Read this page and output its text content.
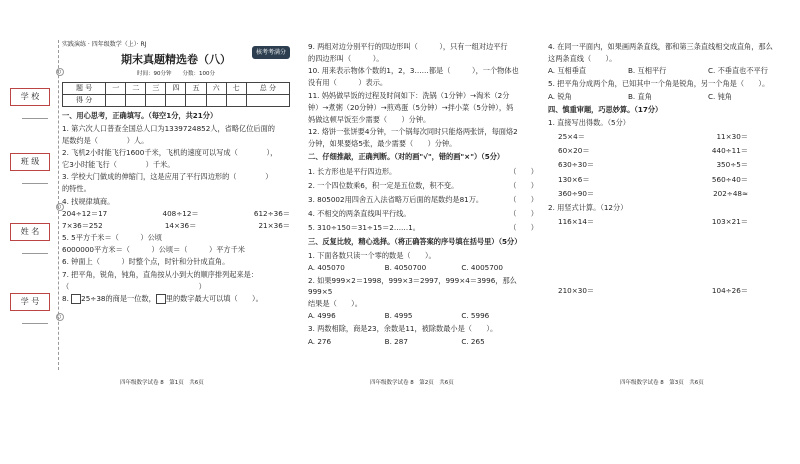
学 校
班 级
姓 名
学 号
○
○
○
实践演练 · 四年级数学（上）· RJ
期末真题精选卷（八）
核考考满分
时间：90分钟　　分数：100分
题 号	一	二	三	四	五	六	七	总 分
得 分								
一、用心思考，正确填写。（每空1分，共21分）
1. 第六次人口普查全国总人口为1339724852人，省略亿位后面的
尾数约是（　　　　）人。
2. 飞机2小时能飞行1600千米，飞机的速度可以写成（　　　　），
它3小时能飞行（　　　　）千米。
3. 学校大门做成的伸缩门，这是应用了平行四边形的（　　　　）
的特性。
4. 找规律填商。
204÷12＝17	408÷12＝	612÷36＝
7×36＝252	14×36＝	21×36＝
5. 5平方千米＝（　　　）公顷
6000000平方米＝（　　　）公顷＝（　　　）平方千米
6. 钟面上（　　　）时整个点，时针和分针成直角。
7. 把平角，锐角，钝角，直角按从小到大的顺序排列起来是：
（　　　　　　　　　　　　　　　　　　）
8. 25÷38的商是一位数， 里的数字最大可以填（　　）。
四年级数学试卷 8　第1页　共6页
9. 两组对边分别平行的四边形叫（　　　），只有一组对边平行
的四边形叫（　　　）。
10. 用来表示物体个数的1，2，3……都是（　　　），一个物体也
没有用（　　　）表示。
11. 妈妈做早饭的过程及时间如下：洗锅（1分钟）→淘米（2分
钟）→煮粥（20分钟）→煎鸡蛋（5分钟）→拌小菜（5分钟），妈
妈做这顿早饭至少需要（　　）分钟。
12. 烙饼一张饼要4分钟，一个锅每次同时只能烙两张饼，每面烙2
分钟，如果要烙5张，最少需要（　　）分钟。
二、仔细推敲，正确判断。（对的画"√"，错的画"×"）（5分）
1. 长方形也是平行四边形。	（　　）
2. 一个四位数乘6，积一定是五位数，积不变。	（　　）
3. 805002用四舍五入法省略万后面的尾数约是81万。	（　　）
4. 不相交的两条直线叫平行线。	（　　）
5. 310÷150＝31÷15＝2……1。	（　　）
三、反复比较，精心选择。（将正确答案的序号填在括号里）（5分）
1. 下面各数只读一个零的数是（　　）。
A. 405070	B. 4050700	C. 4005700
2. 如果999×2＝1998，999×3＝2997，999×4＝3996，那么999×5
结果是（　　）。
A. 4996	B. 4995	C. 5996
3. 两数相除，商是23，余数是11，被除数最小是（　　）。
A. 276	B. 287	C. 265
四年级数学试卷 8　第2页　共6页
4. 在同一平面内，如果画两条直线，都和第三条直线相交成直角，那么
这两条直线（　　）。
A. 互相垂直	B. 互相平行	C. 不垂直也不平行
5. 把平角分成两个角，已知其中一个角是锐角，另一个角是（　　）。
A. 锐角	B. 直角	C. 钝角
四、慎重审题，巧思妙算。（17分）
1. 直接写出得数。（5分）
25×4＝	11×30＝
60×20＝	440÷11＝
630÷30＝	350÷5＝
130×6＝	560÷40＝
360÷90＝	202÷48≈
2. 用竖式计算。（12分）
116×14＝	103×21＝
210×30＝	104÷26＝
四年级数学试卷 8　第3页　共6页
